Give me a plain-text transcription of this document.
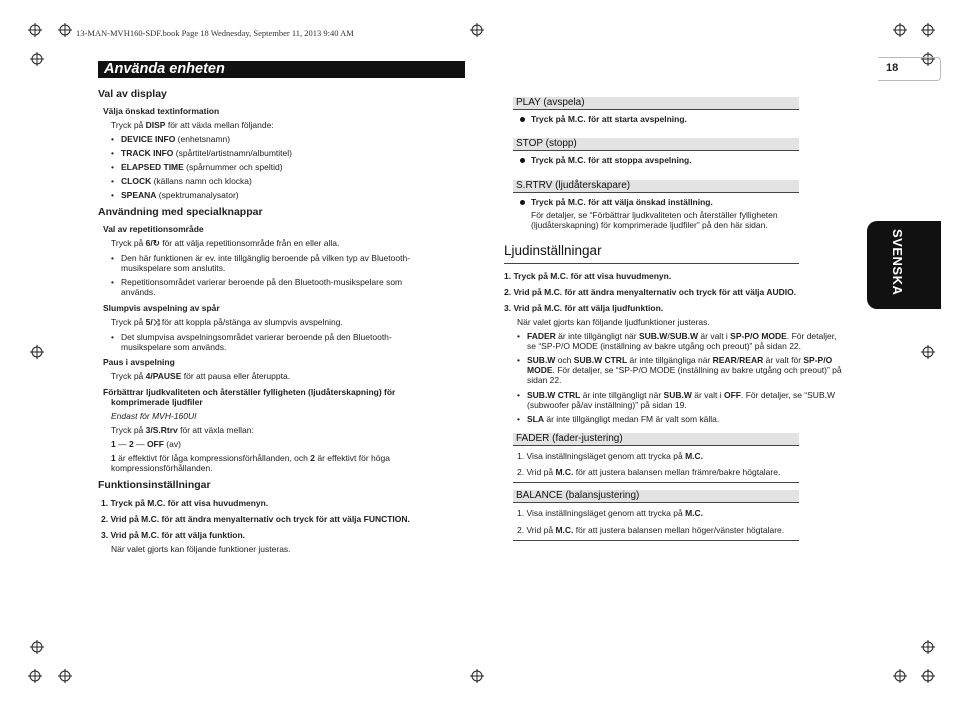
13-MAN-MVH160-SDF.book Page 18 Wednesday, September 11, 2013 9:40 AM
Använda enheten	18
SVENSKA
Val av display
Välja önskad textinformation
Tryck på DISP för att växla mellan följande:
• DEVICE INFO (enhetsnamn)
• TRACK INFO (spårtitel/artistnamn/albumtitel)
• ELAPSED TIME (spårnummer och speltid)
• CLOCK (källans namn och klocka)
• SPEANA (spektrumanalysator)
Användning med specialknappar
Val av repetitionsområde
Tryck på 6/↻ för att välja repetitionsområde från en eller alla.
• Den här funktionen är ev. inte tillgänglig beroende på vilken typ av Bluetooth-
musikspelare som anslutits.
• Repetitionsområdet varierar beroende på den Bluetooth-musikspelare som
används.
Slumpvis avspelning av spår
Tryck på 5/⤨ för att koppla på/stänga av slumpvis avspelning.
• Det slumpvisa avspelningsområdet varierar beroende på den Bluetooth-
musikspelare som används.
Paus i avspelning
Tryck på 4/PAUSE för att pausa eller återuppta.
Förbättrar ljudkvaliteten och återställer fylligheten (ljudåterskapning) för
komprimerade ljudfiler
Endast för MVH-160UI
Tryck på 3/S.Rtrv för att växla mellan:
1 — 2 — OFF (av)
1 är effektivt för låga kompressionsförhållanden, och 2 är effektivt för höga
kompressionsförhållanden.
Funktionsinställningar
1. Tryck på M.C. för att visa huvudmenyn.
2. Vrid på M.C. för att ändra menyalternativ och tryck för att välja FUNCTION.
3. Vrid på M.C. för att välja funktion.
När valet gjorts kan följande funktioner justeras.
PLAY (avspela)
Tryck på M.C. för att starta avspelning.
STOP (stopp)
Tryck på M.C. för att stoppa avspelning.
S.RTRV (ljudåterskapare)
Tryck på M.C. för att välja önskad inställning.
För detaljer, se “Förbättrar ljudkvaliteten och återställer fylligheten
(ljudåterskapning) för komprimerade ljudfiler” på den här sidan.
Ljudinställningar
1. Tryck på M.C. för att visa huvudmenyn.
2. Vrid på M.C. för att ändra menyalternativ och tryck för att välja AUDIO.
3. Vrid på M.C. för att välja ljudfunktion.
När valet gjorts kan följande ljudfunktioner justeras.
• FADER är inte tillgängligt när SUB.W/SUB.W är valt i SP-P/O MODE. För detaljer,
se “SP-P/O MODE (inställning av bakre utgång och preout)” på sidan 22.
• SUB.W och SUB.W CTRL är inte tillgängliga när REAR/REAR är valt för SP-P/O
MODE. För detaljer, se “SP-P/O MODE (inställning av bakre utgång och preout)” på
sidan 22.
• SUB.W CTRL är inte tillgängligt när SUB.W är valt i OFF. För detaljer, se “SUB.W
(subwoofer på/av inställning)” på sidan 19.
• SLA är inte tillgängligt medan FM är valt som källa.
FADER (fader-justering)
1. Visa inställningsläget genom att trycka på M.C.
2. Vrid på M.C. för att justera balansen mellan främre/bakre högtalare.
BALANCE (balansjustering)
1. Visa inställningsläget genom att trycka på M.C.
2. Vrid på M.C. för att justera balansen mellan höger/vänster högtalare.
